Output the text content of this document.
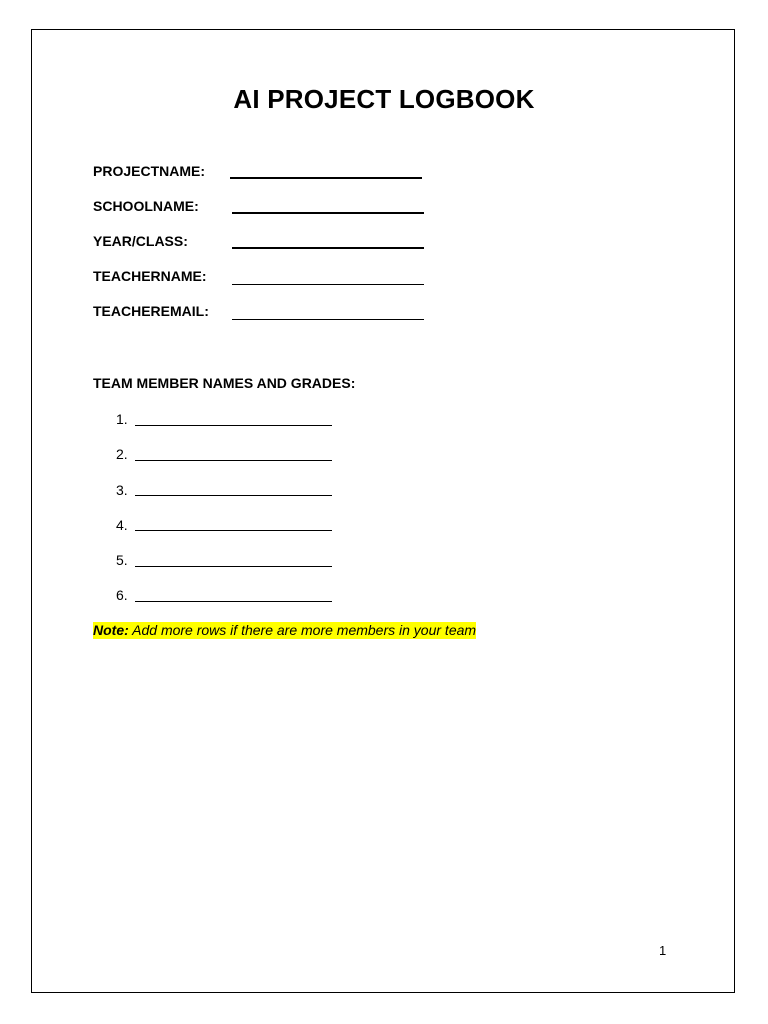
AI PROJECT LOGBOOK
PROJECTNAME:
SCHOOLNAME:
YEAR/CLASS:
TEACHERNAME:
TEACHEREMAIL:
TEAM MEMBER NAMES AND GRADES:
1.
2.
3.
4.
5.
6.
Note: Add more rows if there are more members in your team
1
